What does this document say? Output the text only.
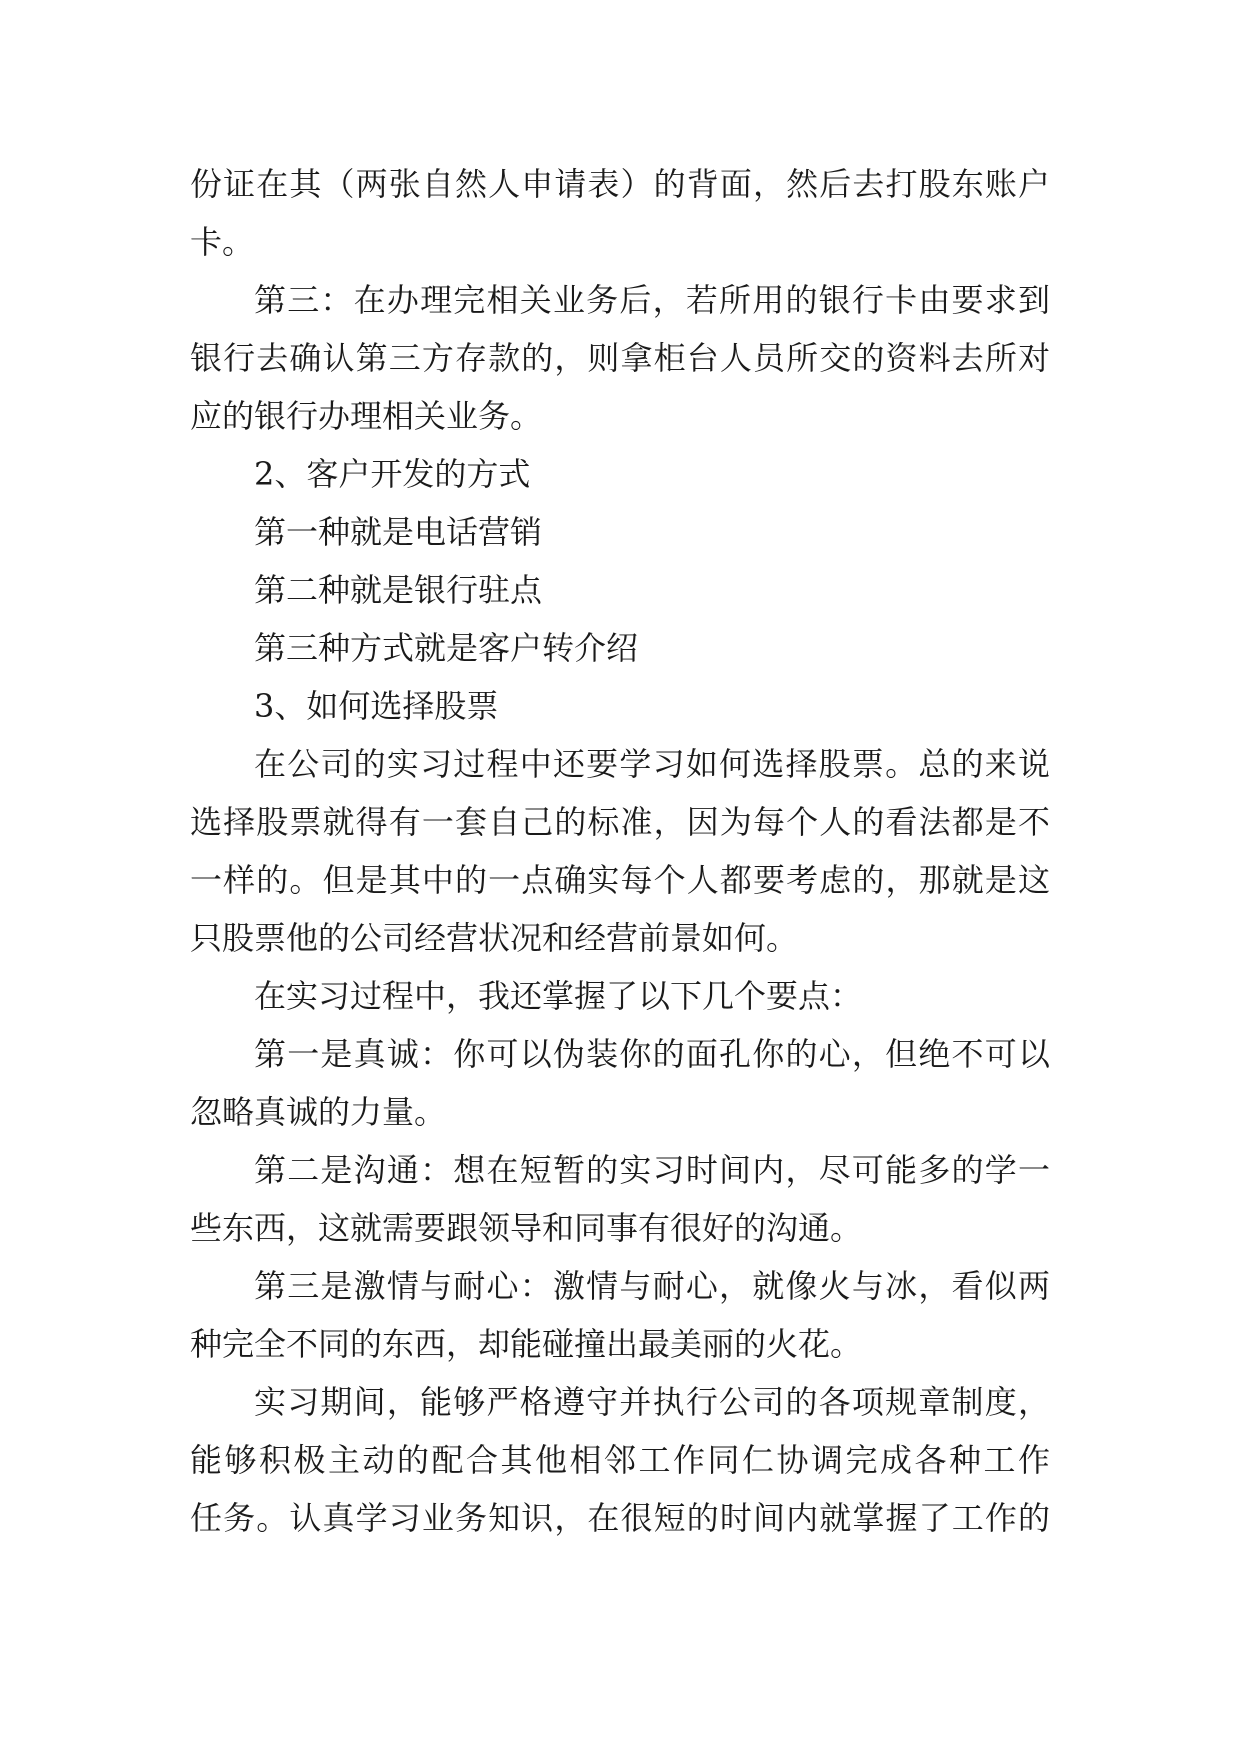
份证在其（两张自然人申请表）的背面，然后去打股东账户
卡。
第三：在办理完相关业务后，若所用的银行卡由要求到
银行去确认第三方存款的，则拿柜台人员所交的资料去所对
应的银行办理相关业务。
2、客户开发的方式
第一种就是电话营销
第二种就是银行驻点
第三种方式就是客户转介绍
3、如何选择股票
在公司的实习过程中还要学习如何选择股票。总的来说
选择股票就得有一套自己的标准，因为每个人的看法都是不
一样的。但是其中的一点确实每个人都要考虑的，那就是这
只股票他的公司经营状况和经营前景如何。
在实习过程中，我还掌握了以下几个要点：
第一是真诚：你可以伪装你的面孔你的心，但绝不可以
忽略真诚的力量。
第二是沟通：想在短暂的实习时间内，尽可能多的学一
些东西，这就需要跟领导和同事有很好的沟通。
第三是激情与耐心：激情与耐心，就像火与冰，看似两
种完全不同的东西，却能碰撞出最美丽的火花。
实习期间，能够严格遵守并执行公司的各项规章制度，
能够积极主动的配合其他相邻工作同仁协调完成各种工作
任务。认真学习业务知识，在很短的时间内就掌握了工作的
